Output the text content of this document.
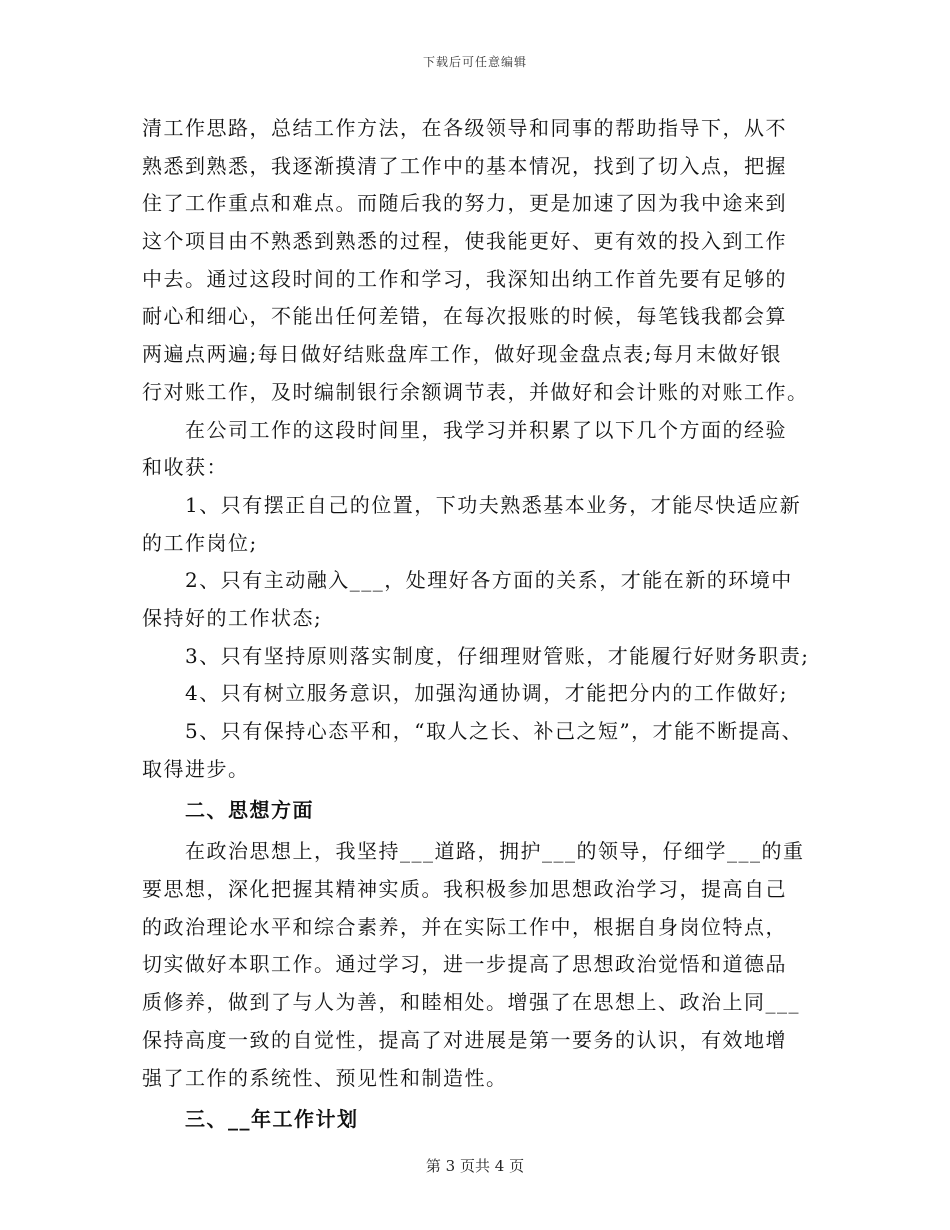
下载后可任意编辑
清工作思路，总结工作方法，在各级领导和同事的帮助指导下，从不
熟悉到熟悉，我逐渐摸清了工作中的基本情况，找到了切入点，把握
住了工作重点和难点。而随后我的努力，更是加速了因为我中途来到
这个项目由不熟悉到熟悉的过程，使我能更好、更有效的投入到工作
中去。通过这段时间的工作和学习，我深知出纳工作首先要有足够的
耐心和细心，不能出任何差错，在每次报账的时候，每笔钱我都会算
两遍点两遍;每日做好结账盘库工作，做好现金盘点表;每月末做好银
行对账工作，及时编制银行余额调节表，并做好和会计账的对账工作。
在公司工作的这段时间里，我学习并积累了以下几个方面的经验
和收获：
1、只有摆正自己的位置，下功夫熟悉基本业务，才能尽快适应新
的工作岗位;
2、只有主动融入___，处理好各方面的关系，才能在新的环境中
保持好的工作状态;
3、只有坚持原则落实制度，仔细理财管账，才能履行好财务职责;
4、只有树立服务意识，加强沟通协调，才能把分内的工作做好;
5、只有保持心态平和，“取人之长、补己之短”，才能不断提高、
取得进步。
二、思想方面
在政治思想上，我坚持___道路，拥护___的领导，仔细学___的重
要思想，深化把握其精神实质。我积极参加思想政治学习，提高自己
的政治理论水平和综合素养，并在实际工作中，根据自身岗位特点，
切实做好本职工作。通过学习，进一步提高了思想政治觉悟和道德品
质修养，做到了与人为善，和睦相处。增强了在思想上、政治上同___
保持高度一致的自觉性，提高了对进展是第一要务的认识，有效地增
强了工作的系统性、预见性和制造性。
三、__年工作计划
第 3 页共 4 页
